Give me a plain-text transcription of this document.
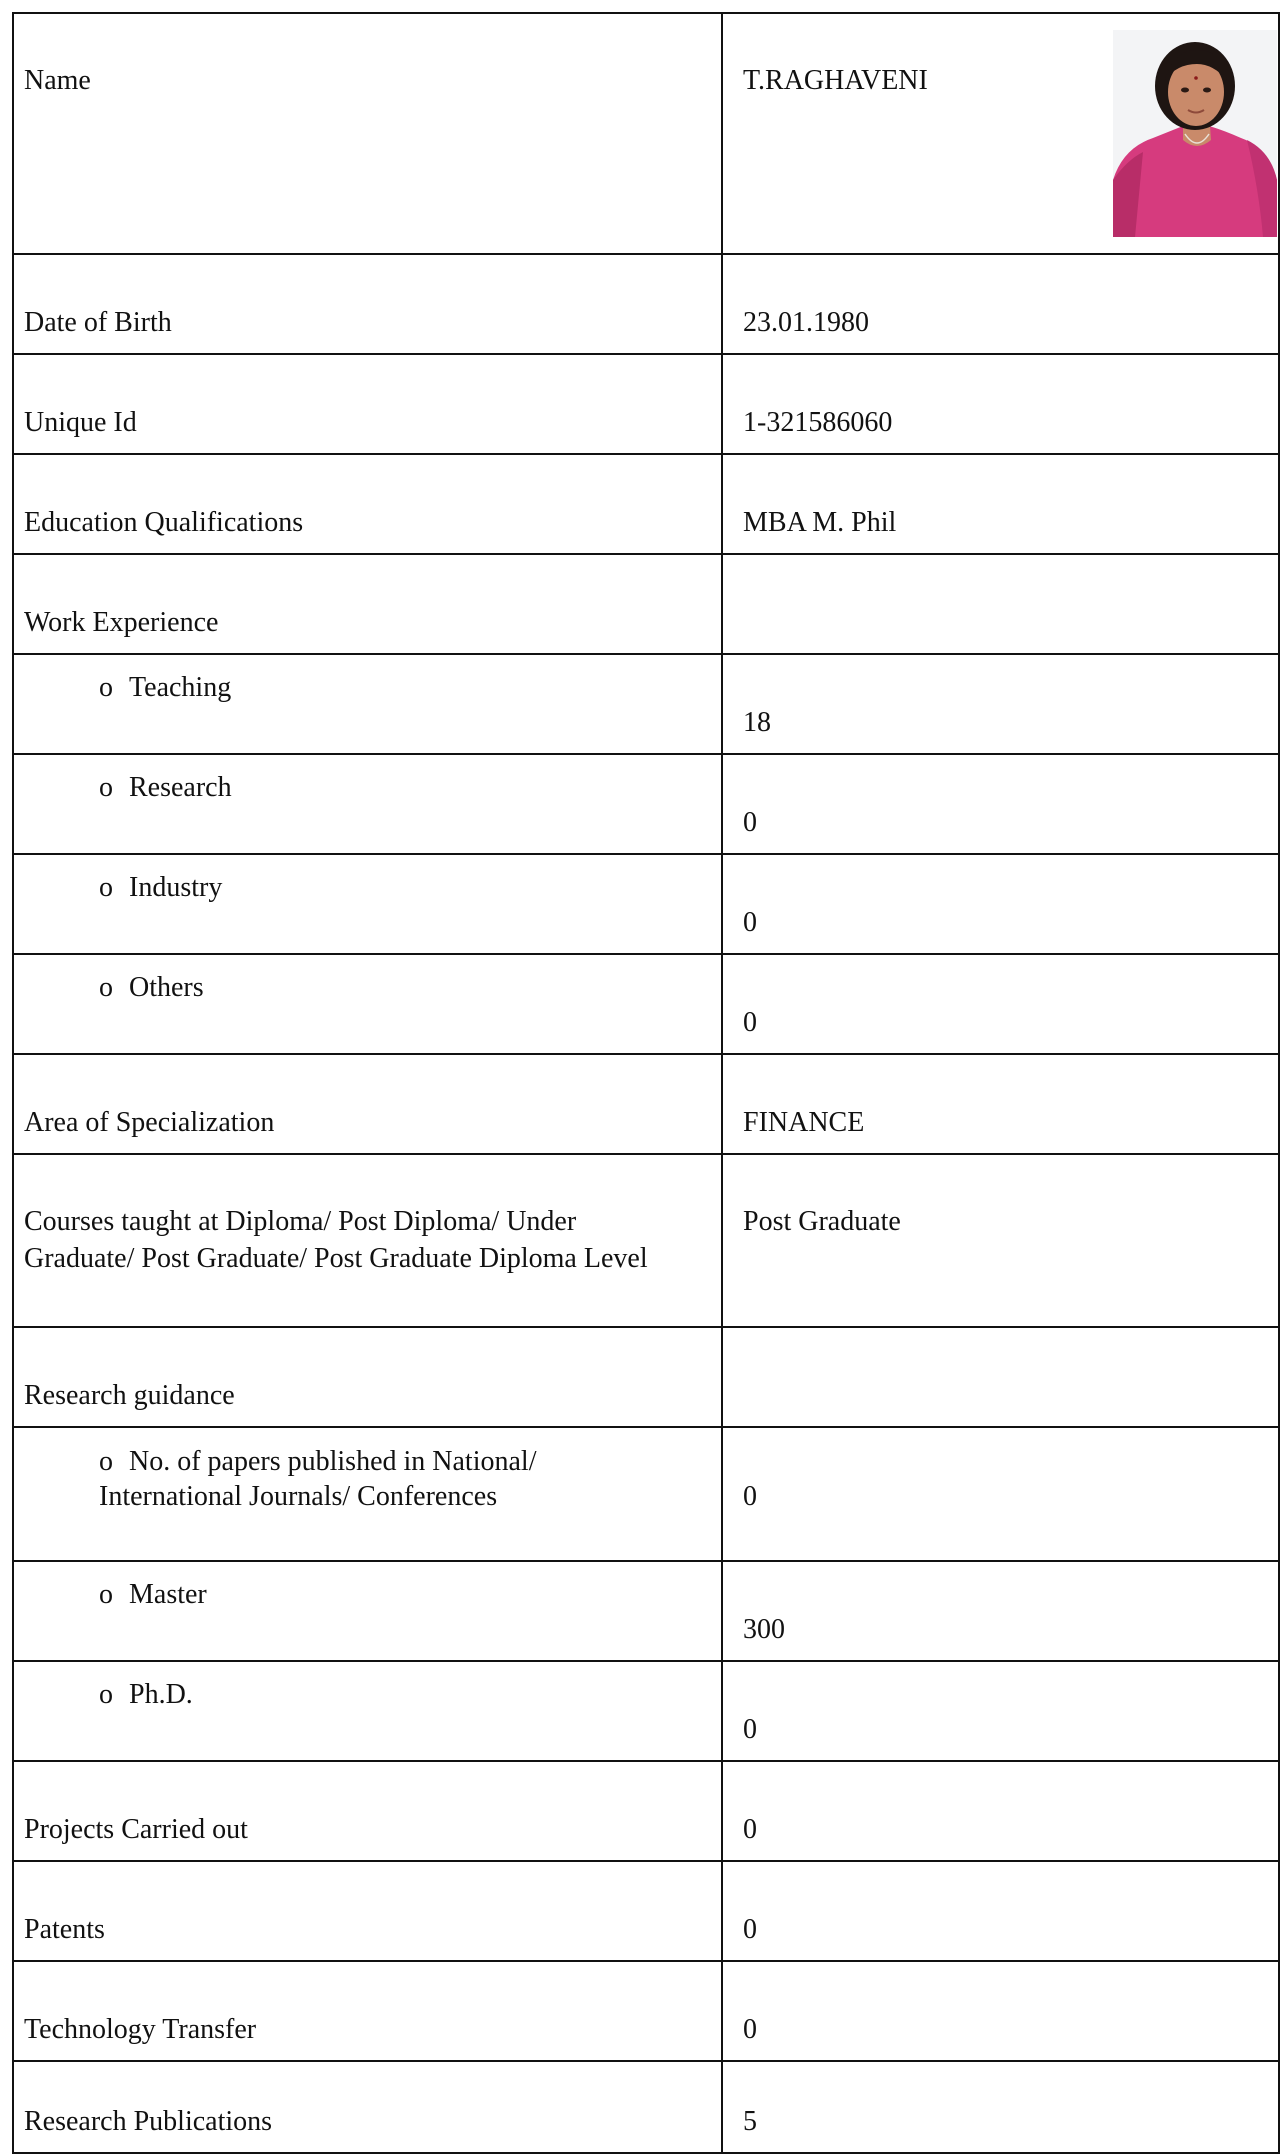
Name	T.RAGHAVENI

Date of Birth	23.01.1980

Unique Id	1-321586060

Education Qualifications	MBA M. Phil

Work Experience	

o Teaching	18

o Research	0

o Industry	0

o Others	0

Area of Specialization	FINANCE

Courses taught at Diploma/ Post Diploma/ Under Graduate/ Post Graduate/ Post Graduate Diploma Level	Post Graduate

Research guidance	

o No. of papers published in National/
International Journals/ Conferences	0

o Master	300

o Ph.D.	0

Projects Carried out	0

Patents	0

Technology Transfer	0

Research Publications	5
